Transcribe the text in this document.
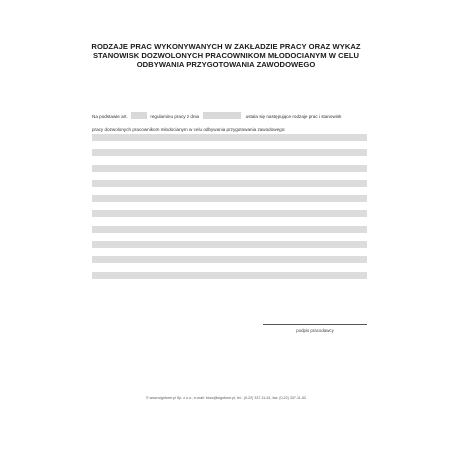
RODZAJE PRAC WYKONYWANYCH W ZAKŁADZIE PRACY ORAZ WYKAZ
STANOWISK DOZWOLONYCH PRACOWNIKOM MŁODOCIANYM W CELU
ODBYWANIA PRZYGOTOWANIA ZAWODOWEGO
Na podstawie art.	regulaminu pracy z dnia	ustala się następujące rodzaje prac i stanowisk
pracy dozwolonych pracownikom młodocianym w celu odbywania przygotowania zawodowego:
podpis pracodawcy
© www.signform.pl Sp. z o.o., e-mail: biuro@signform.pl, tel.: (0-22) 337-11-51, fax: (0-22) 337-11-52
